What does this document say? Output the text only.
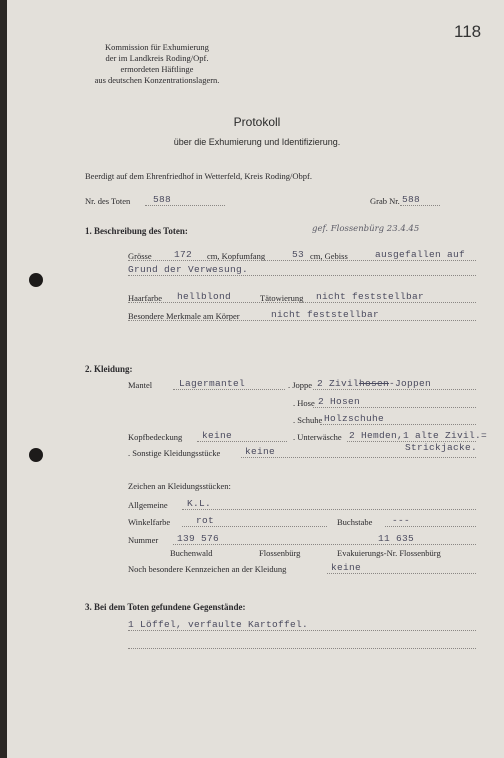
118
Kommission für Exhumierung
der im Landkreis Roding/Opf.
ermordeten Häftlinge
aus deutschen Konzentrationslagern.
Protokoll
über die Exhumierung und Identifizierung.
Beerdigt auf dem Ehrenfriedhof in Wetterfeld, Kreis Roding/Obpf.
Nr. des Toten 588	Grab Nr. 588
1. Beschreibung des Toten:	gef. Flossenbürg 23.4.45
Grösse 172 cm, Kopfumfang	53 cm, Gebiss	ausgefallen auf
Grund der Verwesung.
Haarfarbe hellblond	Tätowierung nicht feststellbar
Besondere Merkmale am Körper	nicht feststellbar
2. Kleidung:
Mantel	Lagermantel	. Joppe 2 Zivilhosen-Joppen
. Hose 2 Hosen
. Schuhe Holzschuhe
Kopfbedeckung keine	. Unterwäsche 2 Hemden,1 alte Zivil.=
. Sonstige Kleidungsstücke	keine	Strickjacke.
Zeichen an Kleidungsstücken:
Allgemeine K.L.
Winkelfarbe	rot	Buchstabe ---
Nummer 139 576	11 635
Buchenwald	Flossenbürg	Evakuierungs-Nr. Flossenbürg
Noch besondere Kennzeichen an der Kleidung	keine
3. Bei dem Toten gefundene Gegenstände:
1 Löffel, verfaulte Kartoffel.
